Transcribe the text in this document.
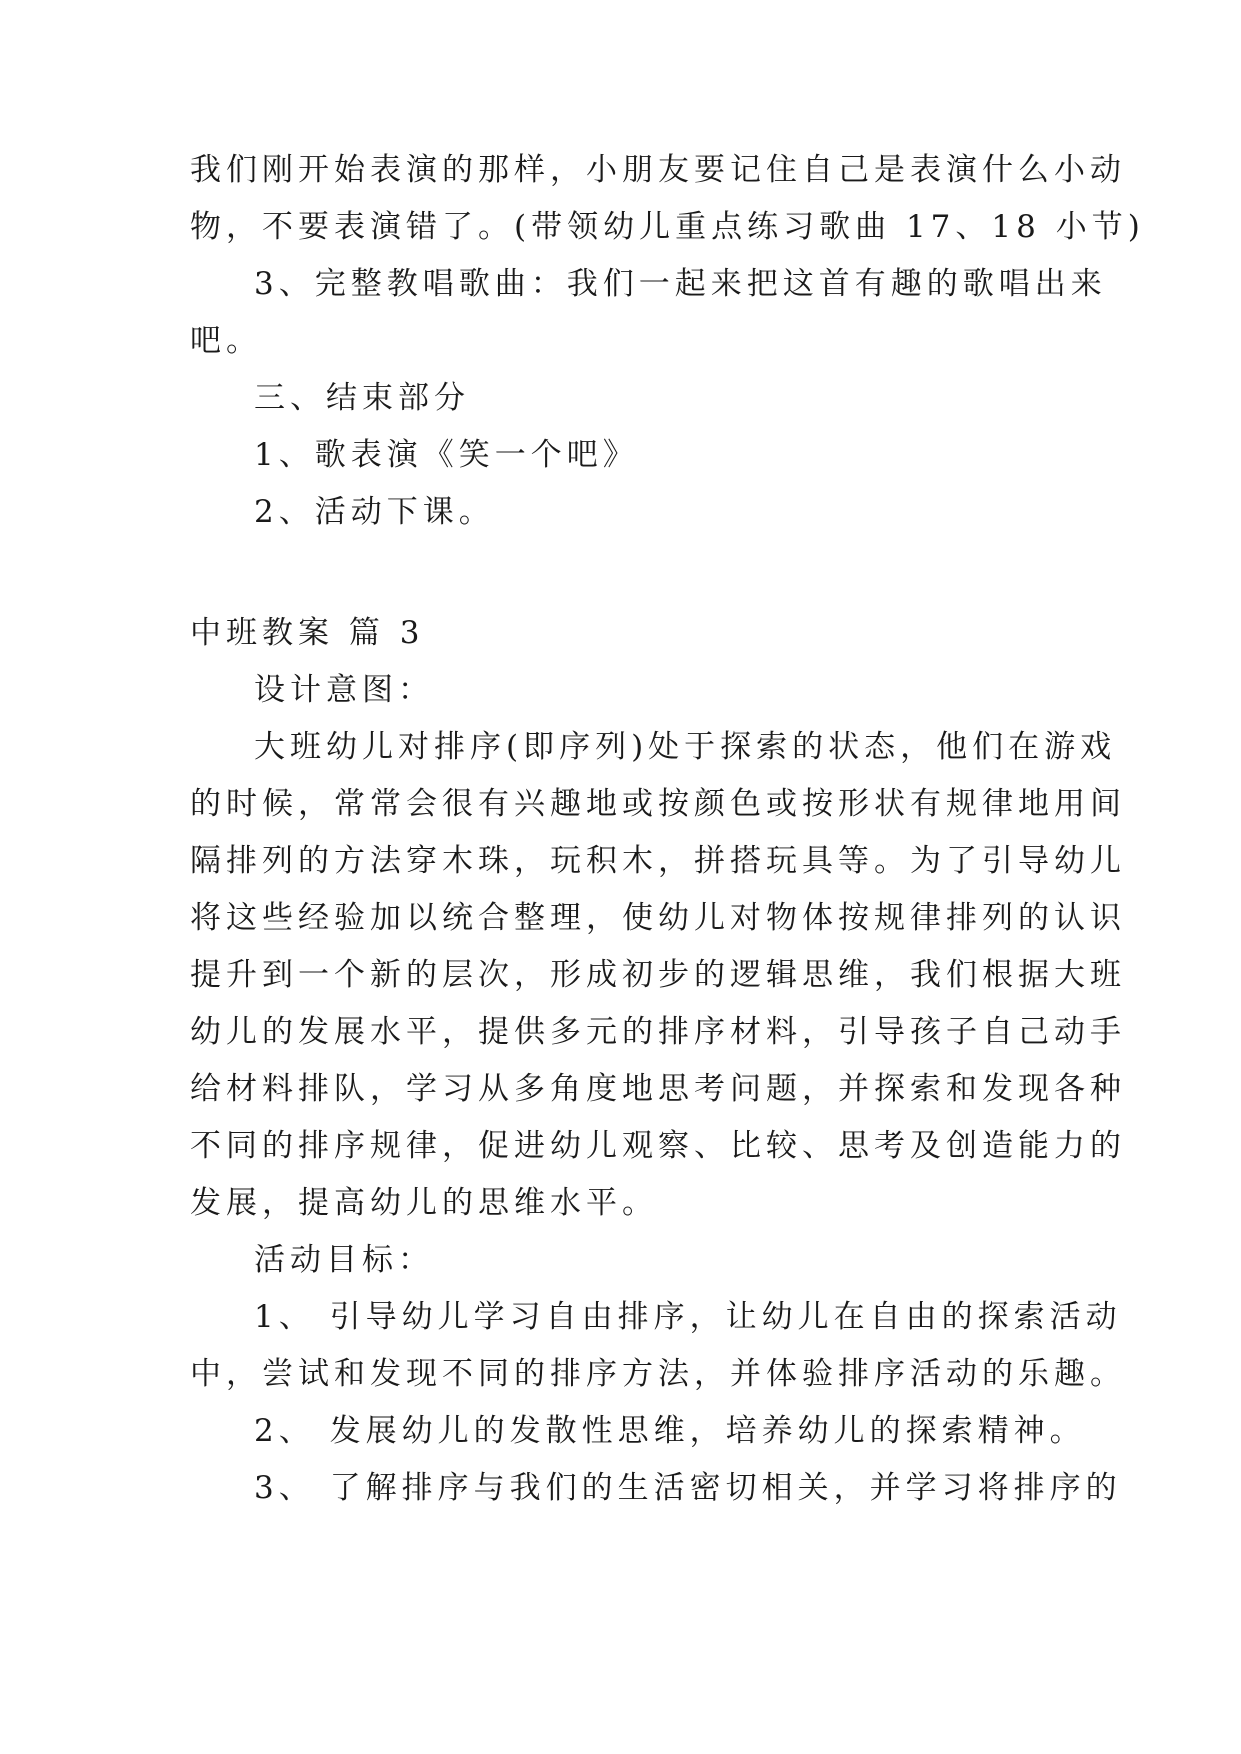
我们刚开始表演的那样，小朋友要记住自己是表演什么小动
物，不要表演错了。(带领幼儿重点练习歌曲 17、18 小节)
3、完整教唱歌曲：我们一起来把这首有趣的歌唱出来
吧。
三、结束部分
1、歌表演《笑一个吧》
2、活动下课。
中班教案 篇 3
设计意图：
大班幼儿对排序(即序列)处于探索的状态，他们在游戏
的时候，常常会很有兴趣地或按颜色或按形状有规律地用间
隔排列的方法穿木珠，玩积木，拼搭玩具等。为了引导幼儿
将这些经验加以统合整理，使幼儿对物体按规律排列的认识
提升到一个新的层次，形成初步的逻辑思维，我们根据大班
幼儿的发展水平，提供多元的排序材料，引导孩子自己动手
给材料排队，学习从多角度地思考问题，并探索和发现各种
不同的排序规律，促进幼儿观察、比较、思考及创造能力的
发展，提高幼儿的思维水平。
活动目标：
1、 引导幼儿学习自由排序，让幼儿在自由的探索活动
中，尝试和发现不同的排序方法，并体验排序活动的乐趣。
2、 发展幼儿的发散性思维，培养幼儿的探索精神。
3、 了解排序与我们的生活密切相关，并学习将排序的
